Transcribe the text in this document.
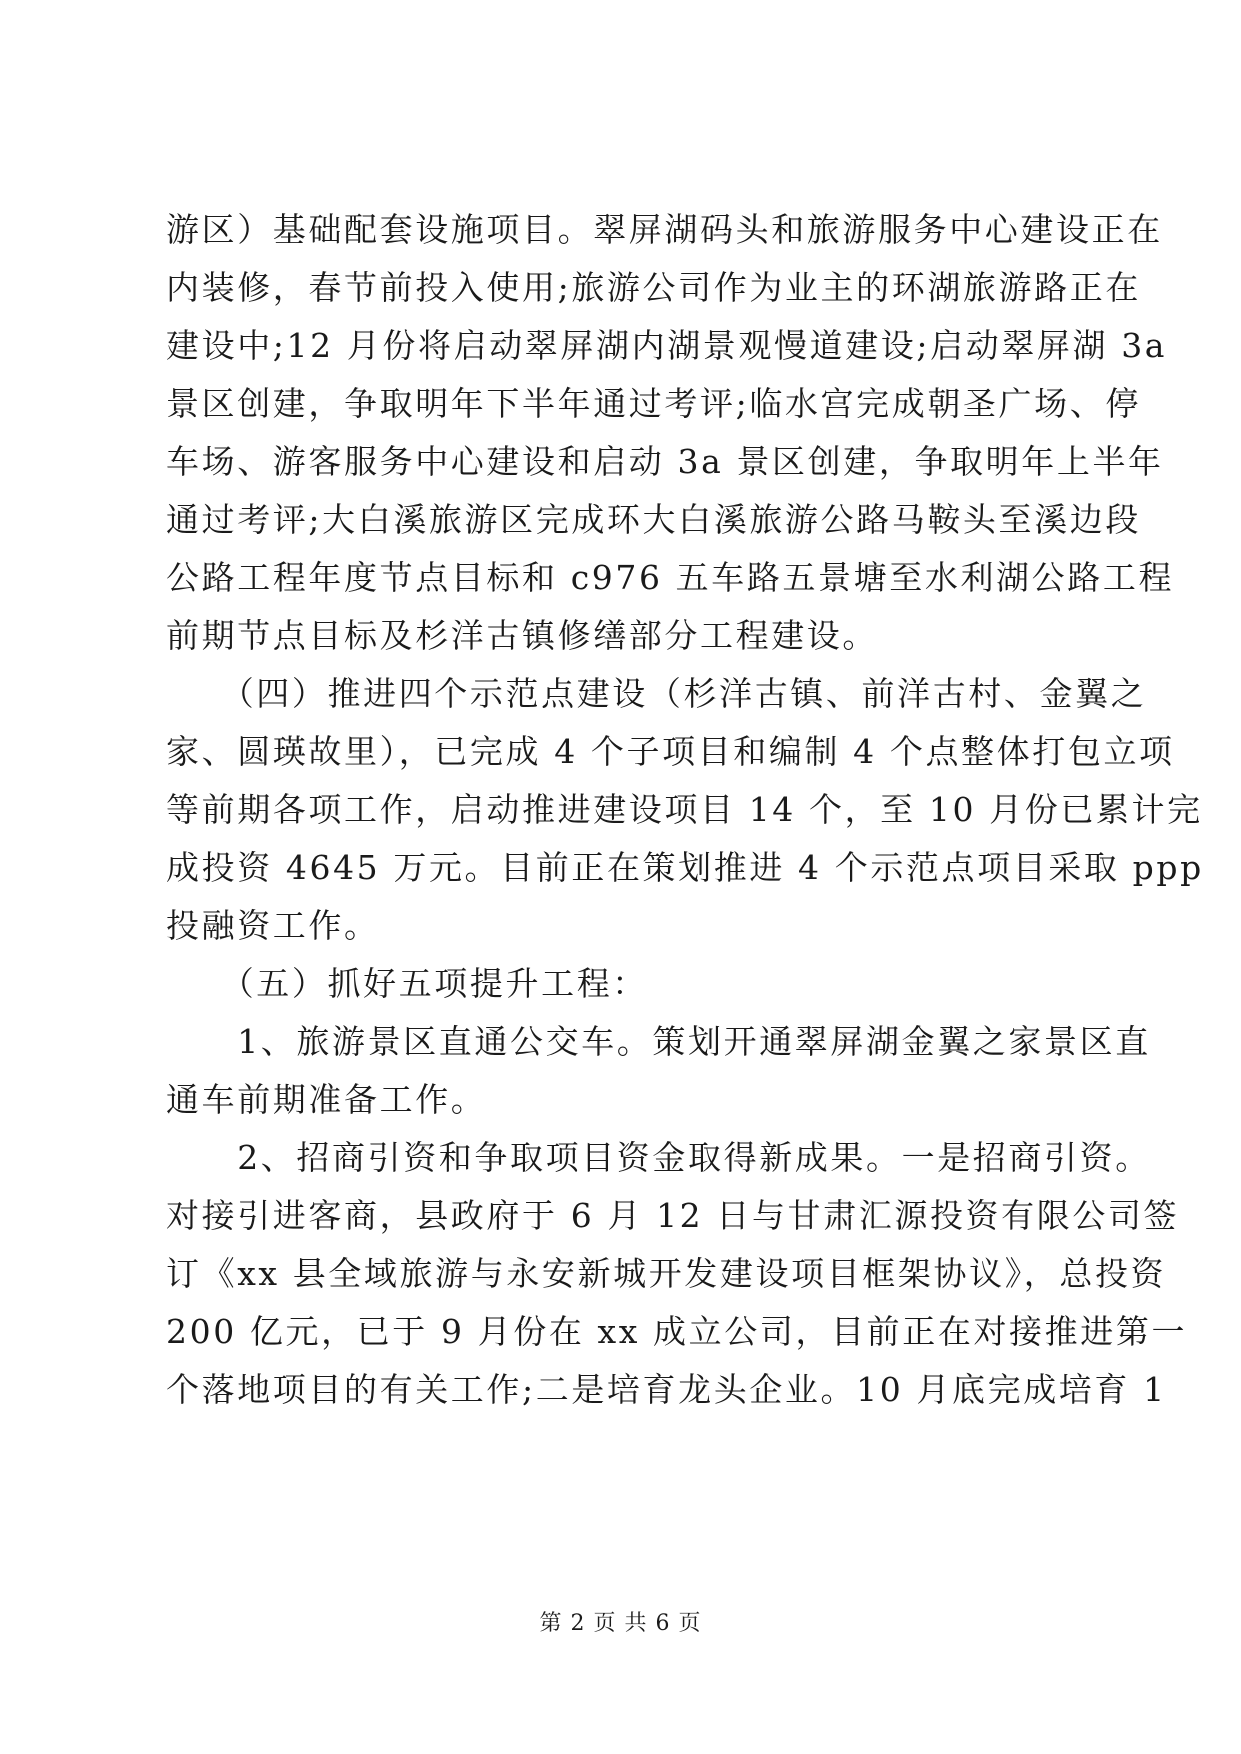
游区）基础配套设施项目。翠屏湖码头和旅游服务中心建设正在
内装修，春节前投入使用;旅游公司作为业主的环湖旅游路正在
建设中;12 月份将启动翠屏湖内湖景观慢道建设;启动翠屏湖 3a
景区创建，争取明年下半年通过考评;临水宫完成朝圣广场、停
车场、游客服务中心建设和启动 3a 景区创建，争取明年上半年
通过考评;大白溪旅游区完成环大白溪旅游公路马鞍头至溪边段
公路工程年度节点目标和 c976 五车路五景塘至水利湖公路工程
前期节点目标及杉洋古镇修缮部分工程建设。
　　（四）推进四个示范点建设（杉洋古镇、前洋古村、金翼之
家、圆瑛故里），已完成 4 个子项目和编制 4 个点整体打包立项
等前期各项工作，启动推进建设项目 14 个，至 10 月份已累计完
成投资 4645 万元。目前正在策划推进 4 个示范点项目采取 ppp
投融资工作。
　　（五）抓好五项提升工程：
　　1、旅游景区直通公交车。策划开通翠屏湖金翼之家景区直
通车前期准备工作。
　　2、招商引资和争取项目资金取得新成果。一是招商引资。
对接引进客商，县政府于 6 月 12 日与甘肃汇源投资有限公司签
订《xx 县全域旅游与永安新城开发建设项目框架协议》，总投资
200 亿元，已于 9 月份在 xx 成立公司，目前正在对接推进第一
个落地项目的有关工作;二是培育龙头企业。10 月底完成培育 1
第 2 页 共 6 页
